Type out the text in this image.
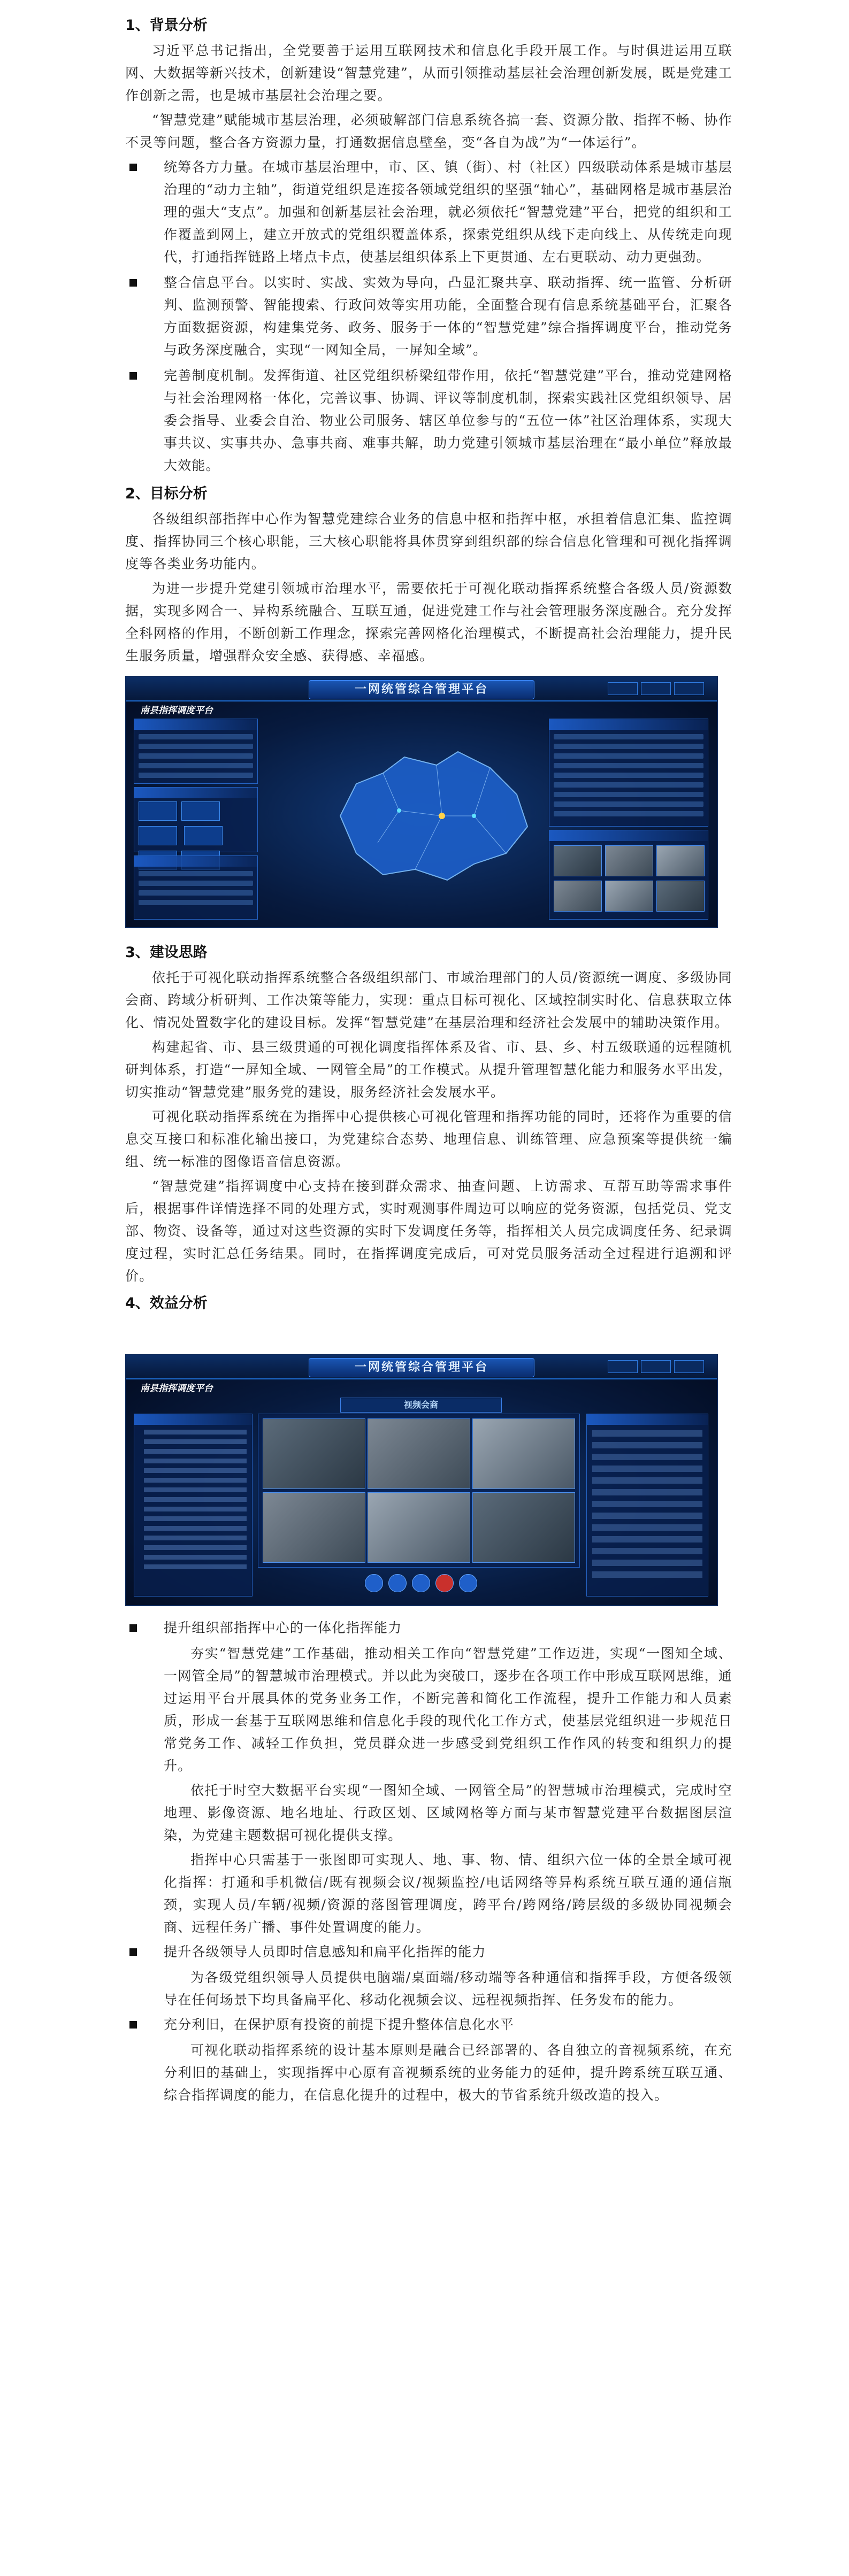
1、背景分析

习近平总书记指出，全党要善于运用互联网技术和信息化手段开展工作。与时俱进运用互联网、大数据等新兴技术，创新建设“智慧党建”，从而引领推动基层社会治理创新发展，既是党建工作创新之需，也是城市基层社会治理之要。

“智慧党建”赋能城市基层治理，必须破解部门信息系统各搞一套、资源分散、指挥不畅、协作不灵等问题，整合各方资源力量，打通数据信息壁垒，变“各自为战”为“一体运行”。

统筹各方力量。在城市基层治理中，市、区、镇（街）、村（社区）四级联动体系是城市基层治理的“动力主轴”，街道党组织是连接各领域党组织的坚强“轴心”，基础网格是城市基层治理的强大“支点”。加强和创新基层社会治理，就必须依托“智慧党建”平台，把党的组织和工作覆盖到网上，建立开放式的党组织覆盖体系，探索党组织从线下走向线上、从传统走向现代，打通指挥链路上堵点卡点，使基层组织体系上下更贯通、左右更联动、动力更强劲。

整合信息平台。以实时、实战、实效为导向，凸显汇聚共享、联动指挥、统一监管、分析研判、监测预警、智能搜索、行政问效等实用功能，全面整合现有信息系统基础平台，汇聚各方面数据资源，构建集党务、政务、服务于一体的“智慧党建”综合指挥调度平台，推动党务与政务深度融合，实现“一网知全局，一屏知全域”。

完善制度机制。发挥街道、社区党组织桥梁纽带作用，依托“智慧党建”平台，推动党建网格与社会治理网格一体化，完善议事、协调、评议等制度机制，探索实践社区党组织领导、居委会指导、业委会自治、物业公司服务、辖区单位参与的“五位一体”社区治理体系，实现大事共议、实事共办、急事共商、难事共解，助力党建引领城市基层治理在“最小单位”释放最大效能。

2、目标分析

各级组织部指挥中心作为智慧党建综合业务的信息中枢和指挥中枢，承担着信息汇集、监控调度、指挥协同三个核心职能，三大核心职能将具体贯穿到组织部的综合信息化管理和可视化指挥调度等各类业务功能内。

为进一步提升党建引领城市治理水平，需要依托于可视化联动指挥系统整合各级人员/资源数据，实现多网合一、异构系统融合、互联互通，促进党建工作与社会管理服务深度融合。充分发挥全科网格的作用，不断创新工作理念，探索完善网格化治理模式，不断提高社会治理能力，提升民生服务质量，增强群众安全感、获得感、幸福感。

一网统管综合管理平台
南县指挥调度平台

3、建设思路

依托于可视化联动指挥系统整合各级组织部门、市域治理部门的人员/资源统一调度、多级协同会商、跨域分析研判、工作决策等能力，实现：重点目标可视化、区域控制实时化、信息获取立体化、情况处置数字化的建设目标。发挥“智慧党建”在基层治理和经济社会发展中的辅助决策作用。

构建起省、市、县三级贯通的可视化调度指挥体系及省、市、县、乡、村五级联通的远程随机研判体系，打造“一屏知全域、一网管全局”的工作模式。从提升管理智慧化能力和服务水平出发，切实推动“智慧党建”服务党的建设，服务经济社会发展水平。

可视化联动指挥系统在为指挥中心提供核心可视化管理和指挥功能的同时，还将作为重要的信息交互接口和标准化输出接口，为党建综合态势、地理信息、训练管理、应急预案等提供统一编组、统一标准的图像语音信息资源。

“智慧党建”指挥调度中心支持在接到群众需求、抽查问题、上访需求、互帮互助等需求事件后，根据事件详情选择不同的处理方式，实时观测事件周边可以响应的党务资源，包括党员、党支部、物资、设备等，通过对这些资源的实时下发调度任务等，指挥相关人员完成调度任务、纪录调度过程，实时汇总任务结果。同时，在指挥调度完成后，可对党员服务活动全过程进行追溯和评价。

4、效益分析
一网统管综合管理平台
南县指挥调度平台
视频会商

提升组织部指挥中心的一体化指挥能力

夯实“智慧党建”工作基础，推动相关工作向“智慧党建”工作迈进，实现“一图知全域、一网管全局”的智慧城市治理模式。并以此为突破口，逐步在各项工作中形成互联网思维，通过运用平台开展具体的党务业务工作，不断完善和简化工作流程，提升工作能力和人员素质，形成一套基于互联网思维和信息化手段的现代化工作方式，使基层党组织进一步规范日常党务工作、减轻工作负担，党员群众进一步感受到党组织工作作风的转变和组织力的提升。

依托于时空大数据平台实现“一图知全域、一网管全局”的智慧城市治理模式，完成时空地理、影像资源、地名地址、行政区划、区域网格等方面与某市智慧党建平台数据图层渲染，为党建主题数据可视化提供支撑。

指挥中心只需基于一张图即可实现人、地、事、物、情、组织六位一体的全景全域可视化指挥：打通和手机微信/既有视频会议/视频监控/电话网络等异构系统互联互通的通信瓶颈，实现人员/车辆/视频/资源的落图管理调度，跨平台/跨网络/跨层级的多级协同视频会商、远程任务广播、事件处置调度的能力。

提升各级领导人员即时信息感知和扁平化指挥的能力

为各级党组织领导人员提供电脑端/桌面端/移动端等各种通信和指挥手段，方便各级领导在任何场景下均具备扁平化、移动化视频会议、远程视频指挥、任务发布的能力。

充分利旧，在保护原有投资的前提下提升整体信息化水平

可视化联动指挥系统的设计基本原则是融合已经部署的、各自独立的音视频系统，在充分利旧的基础上，实现指挥中心原有音视频系统的业务能力的延伸，提升跨系统互联互通、综合指挥调度的能力，在信息化提升的过程中，极大的节省系统升级改造的投入。
